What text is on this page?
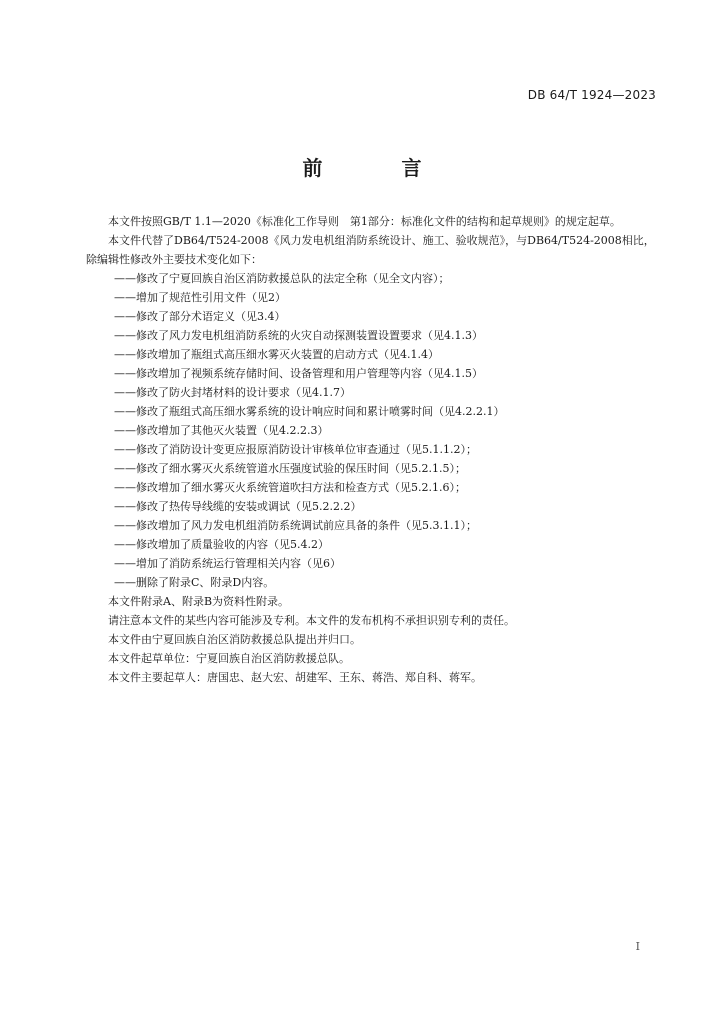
DB 64/T 1924—2023
前 言

本文件按照GB/T 1.1—2020《标准化工作导则　第1部分：标准化文件的结构和起草规则》的规定起草。

本文件代替了DB64/T524-2008《风力发电机组消防系统设计、施工、验收规范》，与DB64/T524-2008相比，除编辑性修改外主要技术变化如下：

——修改了宁夏回族自治区消防救援总队的法定全称（见全文内容）；

——增加了规范性引用文件（见2）

——修改了部分术语定义（见3.4）

——修改了风力发电机组消防系统的火灾自动探测装置设置要求（见4.1.3）

——修改增加了瓶组式高压细水雾灭火装置的启动方式（见4.1.4）

——修改增加了视频系统存储时间、设备管理和用户管理等内容（见4.1.5）

——修改了防火封堵材料的设计要求（见4.1.7）

——修改了瓶组式高压细水雾系统的设计响应时间和累计喷雾时间（见4.2.2.1）

——修改增加了其他灭火装置（见4.2.2.3）

——修改了消防设计变更应报原消防设计审核单位审查通过（见5.1.1.2）；

——修改了细水雾灭火系统管道水压强度试验的保压时间（见5.2.1.5）；

——修改增加了细水雾灭火系统管道吹扫方法和检查方式（见5.2.1.6）；

——修改了热传导线缆的安装或调试（见5.2.2.2）

——修改增加了风力发电机组消防系统调试前应具备的条件（见5.3.1.1）；

——修改增加了质量验收的内容（见5.4.2）

——增加了消防系统运行管理相关内容（见6）

——删除了附录C、附录D内容。

本文件附录A、附录B为资料性附录。

请注意本文件的某些内容可能涉及专利。本文件的发布机构不承担识别专利的责任。

本文件由宁夏回族自治区消防救援总队提出并归口。

本文件起草单位：宁夏回族自治区消防救援总队。

本文件主要起草人：唐国忠、赵大宏、胡建军、王东、蒋浩、郑自科、蒋军。

I
